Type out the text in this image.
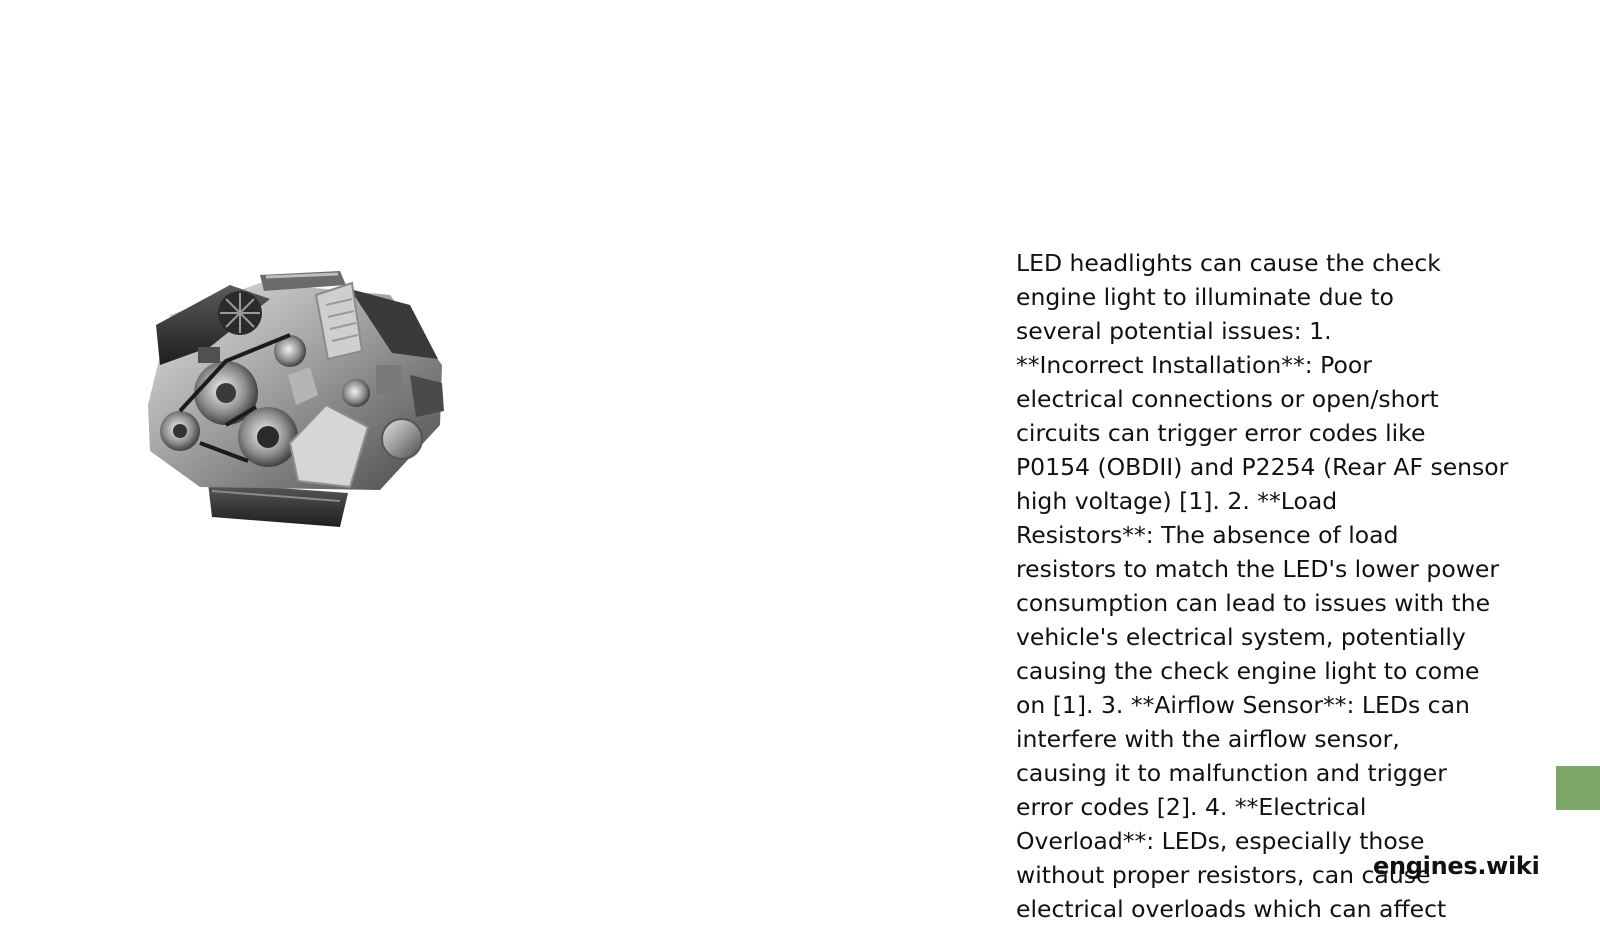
LED headlights can cause the check
engine light to illuminate due to
several potential issues: 1.
**Incorrect Installation**: Poor
electrical connections or open/short
circuits can trigger error codes like
P0154 (OBDII) and P2254 (Rear AF sensor
high voltage) [1]. 2. **Load
Resistors**: The absence of load
resistors to match the LED's lower power
consumption can lead to issues with the
vehicle's electrical system, potentially
causing the check engine light to come
on [1]. 3. **Airflow Sensor**: LEDs can
interfere with the airflow sensor,
causing it to malfunction and trigger
error codes [2]. 4. **Electrical
Overload**: LEDs, especially those
without proper resistors, can cause
electrical overloads which can affect
engines.wiki
